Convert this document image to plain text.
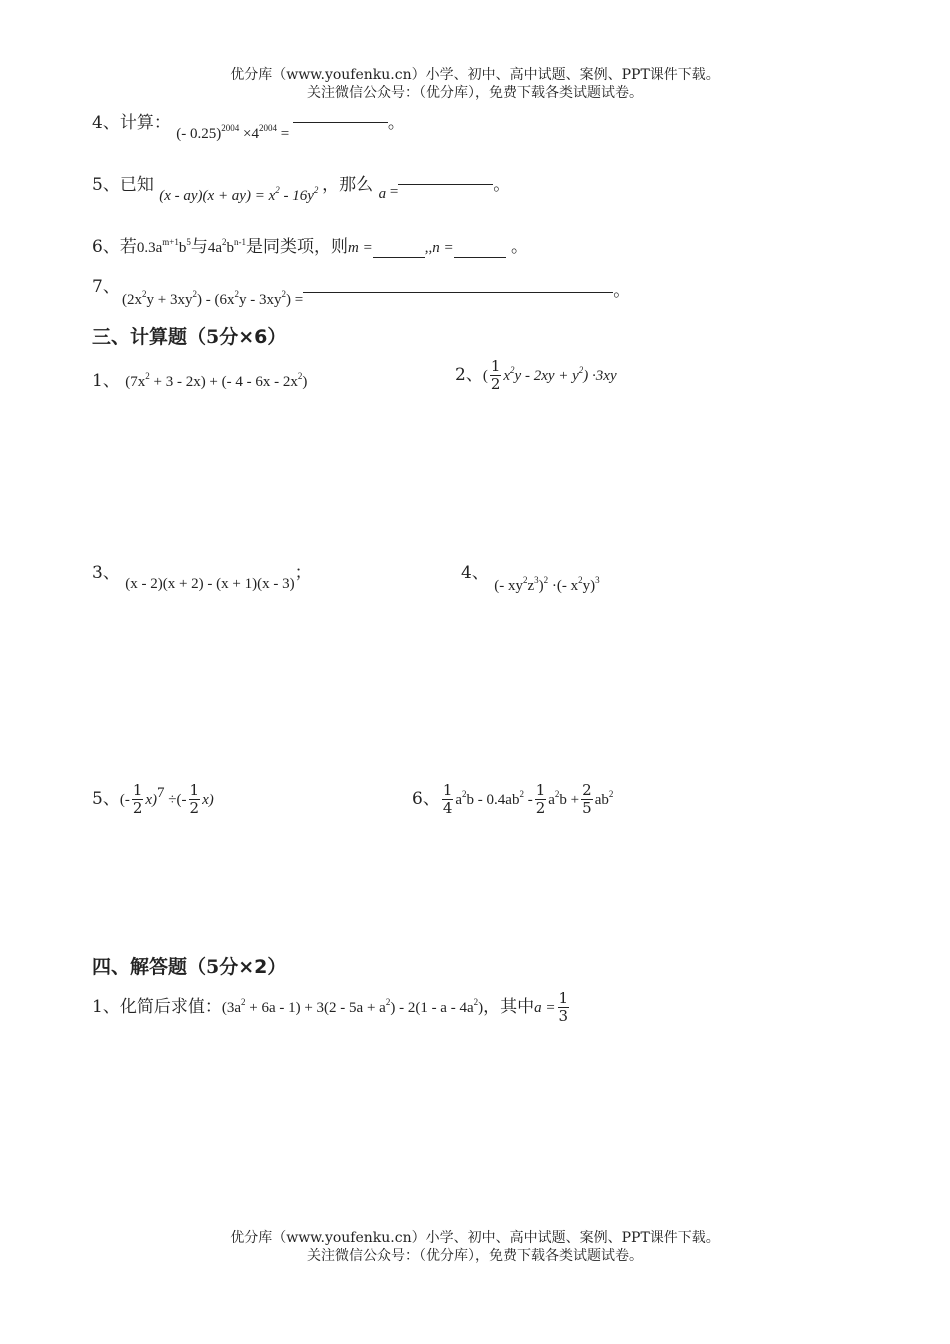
优分库（www.youfenku.cn）小学、初中、高中试题、案例、PPT课件下载。
关注微信公众号：（优分库），免费下载各类试题试卷。
4、计算： (- $0.25)^{2004} \times 4^{2004}$ = 。
5、已知 $(x - ay)(x + ay) = x^2 - 16y^2$ ，那么 a =	。
6、若$0.3a^{m+1}b^5$与$4a^2b^{n-1}$是同类项，则m =	,,n =	。
7、
$(2x^2y + 3xy^2) - (6x^2y - 3xy^2)$ =	。
三、计算题（5分×6）
1、 $(7x^2 + 3 - 2x)$ + (- $4 - 6x - 2x^2$)	2、( $\frac{1}{2} x^2y - 2xy + y^2) \cdot 3xy$
3、 (x - 2)(x + 2) - (x + 1)(x - 3)；	4、 (- $xy^2z^3)^2$ ·(- $x^2y)^3$
5、(- $\frac{1}{2} x)^7$ ÷(- $\frac{1}{2} x$)	6、 $\frac{1}{4} a^2b - 0.4ab^2 - \frac{1}{2} a^2b + \frac{2}{5} ab^2$
四、解答题（5分×2）
1、化简后求值：$(3a^2 + 6a - 1) + 3(2 - 5a + a^2) - 2(1 - a - 4a^2)$，其中$a = \frac{1}{3}$
优分库（www.youfenku.cn）小学、初中、高中试题、案例、PPT课件下载。
关注微信公众号：（优分库），免费下载各类试题试卷。
